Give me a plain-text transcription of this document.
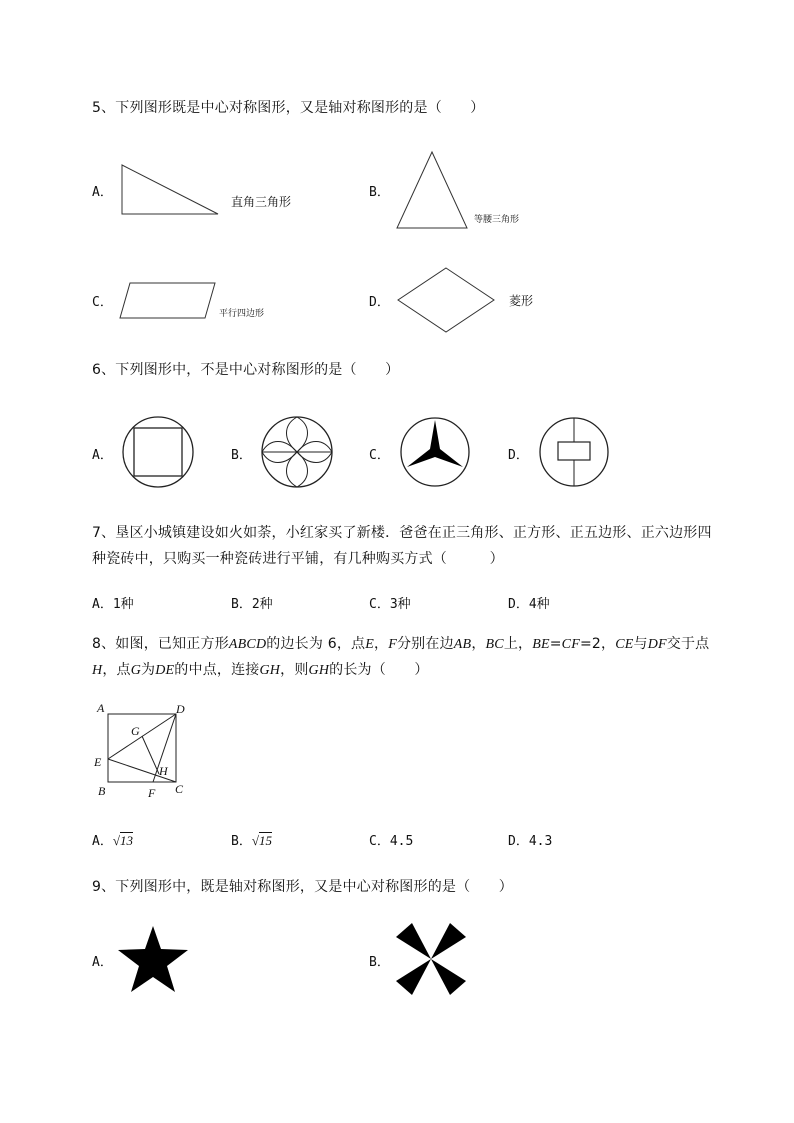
5、下列图形既是中心对称图形，又是轴对称图形的是（　　）
A．
直角三角形
B．
等腰三角形
C．
平行四边形
D．	菱形
6、下列图形中，不是中心对称图形的是（　　）
A．	B．	C．	D．
7、垦区小城镇建设如火如荼，小红家买了新楼．爸爸在正三角形、正方形、正五边形、正六边形四
种瓷砖中，只购买一种瓷砖进行平铺，有几种购买方式（　　　）
A．1种	B．2种	C．3种	D．4种
8、如图，已知正方形ABCD的边长为 6，点E，F分别在边AB，BC上，BE=CF=2，CE与DF交于点
H，点G为DE的中点，连接GH，则GH的长为（　　）
A	D
G
E
H
B	F C
A．√13	B．√15	C．4.5	D．4.3
9、下列图形中，既是轴对称图形，又是中心对称图形的是（　　）
A．	B．
